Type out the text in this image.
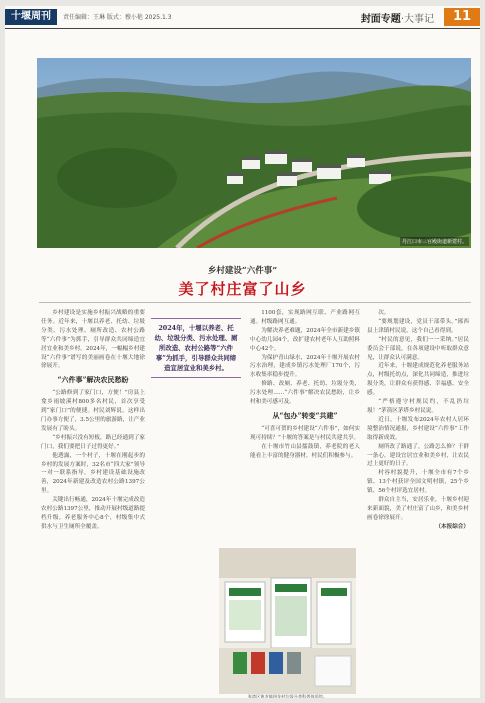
十堰周刊	责任编辑：王琳 版式：穆小艳 2025.1.3	封面专题·大事记	11
丹江口市三官殿街道新建村。
乡村建设“六件事”
美了村庄富了山乡

乡村建设是实施乡村振兴战略的重要任务。近年来，十堰以养老、托幼、垃圾分类、污水处理、厕所改造、农村公路等“六件事”为抓手，引导群众共同缔造宜居宜业和美乡村。2024年，一幅幅乡村建设“六件事”谱写的美丽画卷在十堰大地徐徐展开。

“六件事”解决农民愁盼

“公路修到了家门口，方便！”房县上龛乡雨坡溪村800多名村民，首次享受到“家门口”的便捷。村民刘辉说，这样出门办事方便了，3.5公里的旅游路，让产业发展有了盼头。

“乡村振兴没有短板，路已经通到了家门口，我们要把日子过得更好。”

他透露，一个村子，十堰在刚起步的乡村的发展方案时，32名市“四大家”领导一对一联系指导，乡村建设基础设施改善，2024年新建及改造农村公路1397公里。

关键出行畅通，2024年十堰完成改造农村公路1397公里，推动开展村级道路提档升级。养老服务中心8个，村级集中式供水与卫生厕所全覆盖。

2024年，十堰以养老、托幼、垃圾分类、污水处理、厕所改造、农村公路等“六件事”为抓手，引导群众共同缔造宜居宜业和美乡村。

1100套，实现路网互联、产业路网互通。村级路网互通。

为解决养老难题，2024年全市新建乡镇中心幼儿园4个，改扩建农村老年人互助照料中心42个。

为保护青山绿水，2024年十堰开展农村污水治理，建成乡镇污水处理厂170个，污水收集率稳步提升。

修路、改厕、养老、托幼、垃圾分类、污水处理……“六件事”解决农民愁盼，让乡村和美可感可及。

从“包办”转变“共建”

“可喜可贺的乡村建设“六件事”，如何实现可持续？”十堰的答案是与村民共建共享。

在十堰市竹山县擂鼓镇，养老院的老人能看上丰富的健身器材，村民们积极参与。

次。

“要规划建设，党员干部带头。”郧西县上津镇村民说，这个自己看得到。

“村民的意见，我们一一采纳。”居民委员会干部说，在各项建设中听取群众意见，让群众认可满意。

近年来，十堰建成规范化养老服务站点，村级托幼点，深化共同缔造，推进垃圾分类，让群众有获得感、幸福感、安全感。

“严格遵守村规民约，不乱扔垃圾！”茅箭区茅塔乡村民说。

近日，十堰发布2024年农村人居环境整治情况通报，乡村建设“六件事”工作取得新成效。

厕所改了路通了，公路怎么修？干群一条心，建设宜居宜业和美乡村，让农民过上更好的日子。

村容村貌提升，十堰全市有7个乡镇、13个村获评全国文明村镇，25个乡镇、56个村评选宜居村。

群众自主当，安居乐业，十堰乡村迎来新面貌，美了村庄富了山乡，和美乡村画卷徐徐展开。

（本报综合）

张湾区黄龙镇四龙村垃圾分类科普体验馆。
